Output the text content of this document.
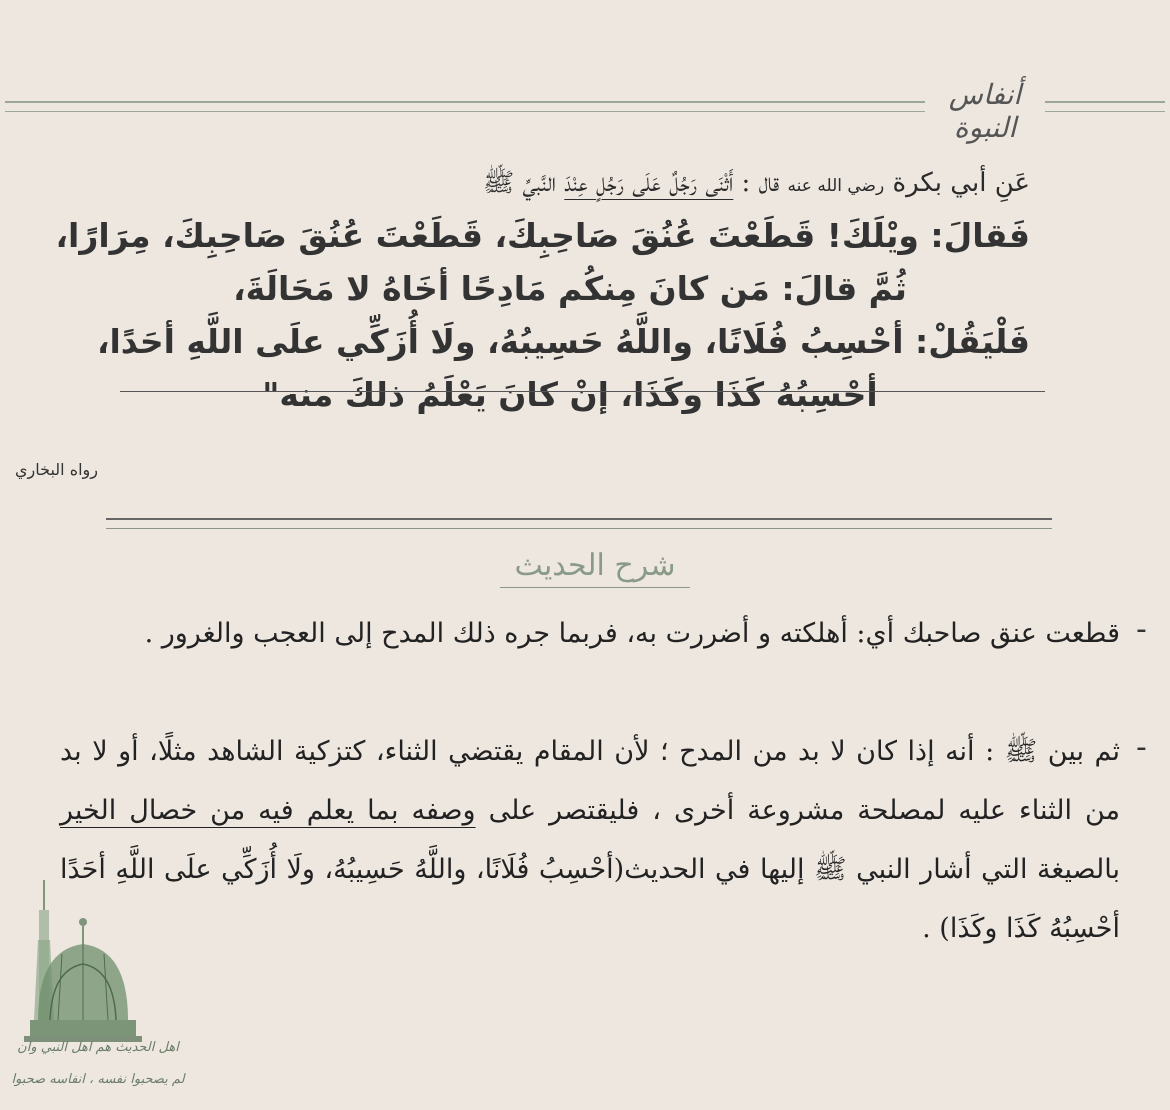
أنفاس النبوة
عَنِ أبي بكرة رضي الله عنه قال : أَثْنَى رَجُلٌ عَلَى رَجُلٍ عِنْدَ النَّبيِّ ﷺ
فَقالَ: ويْلَكَ! قَطَعْتَ عُنُقَ صَاحِبِكَ، قَطَعْتَ عُنُقَ صَاحِبِكَ، مِرَارًا،
ثُمَّ قالَ: مَن كانَ مِنكُم مَادِحًا أخَاهُ لا مَحَالَةَ،
فَلْيَقُلْ: أحْسِبُ فُلَانًا، واللَّهُ حَسِيبُهُ، ولَا أُزَكِّي علَى اللَّهِ أحَدًا،
أحْسِبُهُ كَذَا وكَذَا، إنْ كانَ يَعْلَمُ ذلكَ منه"
رواه البخاري
شرح الحديث
-
قطعت عنق صاحبك أي: أهلكته و أضررت به، فربما جره ذلك المدح إلى العجب والغرور .
-
ثم بين ﷺ : أنه إذا كان لا بد من المدح ؛ لأن المقام يقتضي الثناء، كتزكية الشاهد مثلًا، أو لا بد من الثناء عليه لمصلحة مشروعة أخرى ، فليقتصر على وصفه بما يعلم فيه من خصال الخير بالصيغة التي أشار النبي ﷺ إليها في الحديث(أحْسِبُ فُلَانًا، واللَّهُ حَسِيبُهُ، ولَا أُزَكِّي علَى اللَّهِ أحَدًا أحْسِبُهُ كَذَا وكَذَا) .
اهل الحديث هم اهل النبي وان
لم يصحبوا نفسه ، انفاسه صحبوا
